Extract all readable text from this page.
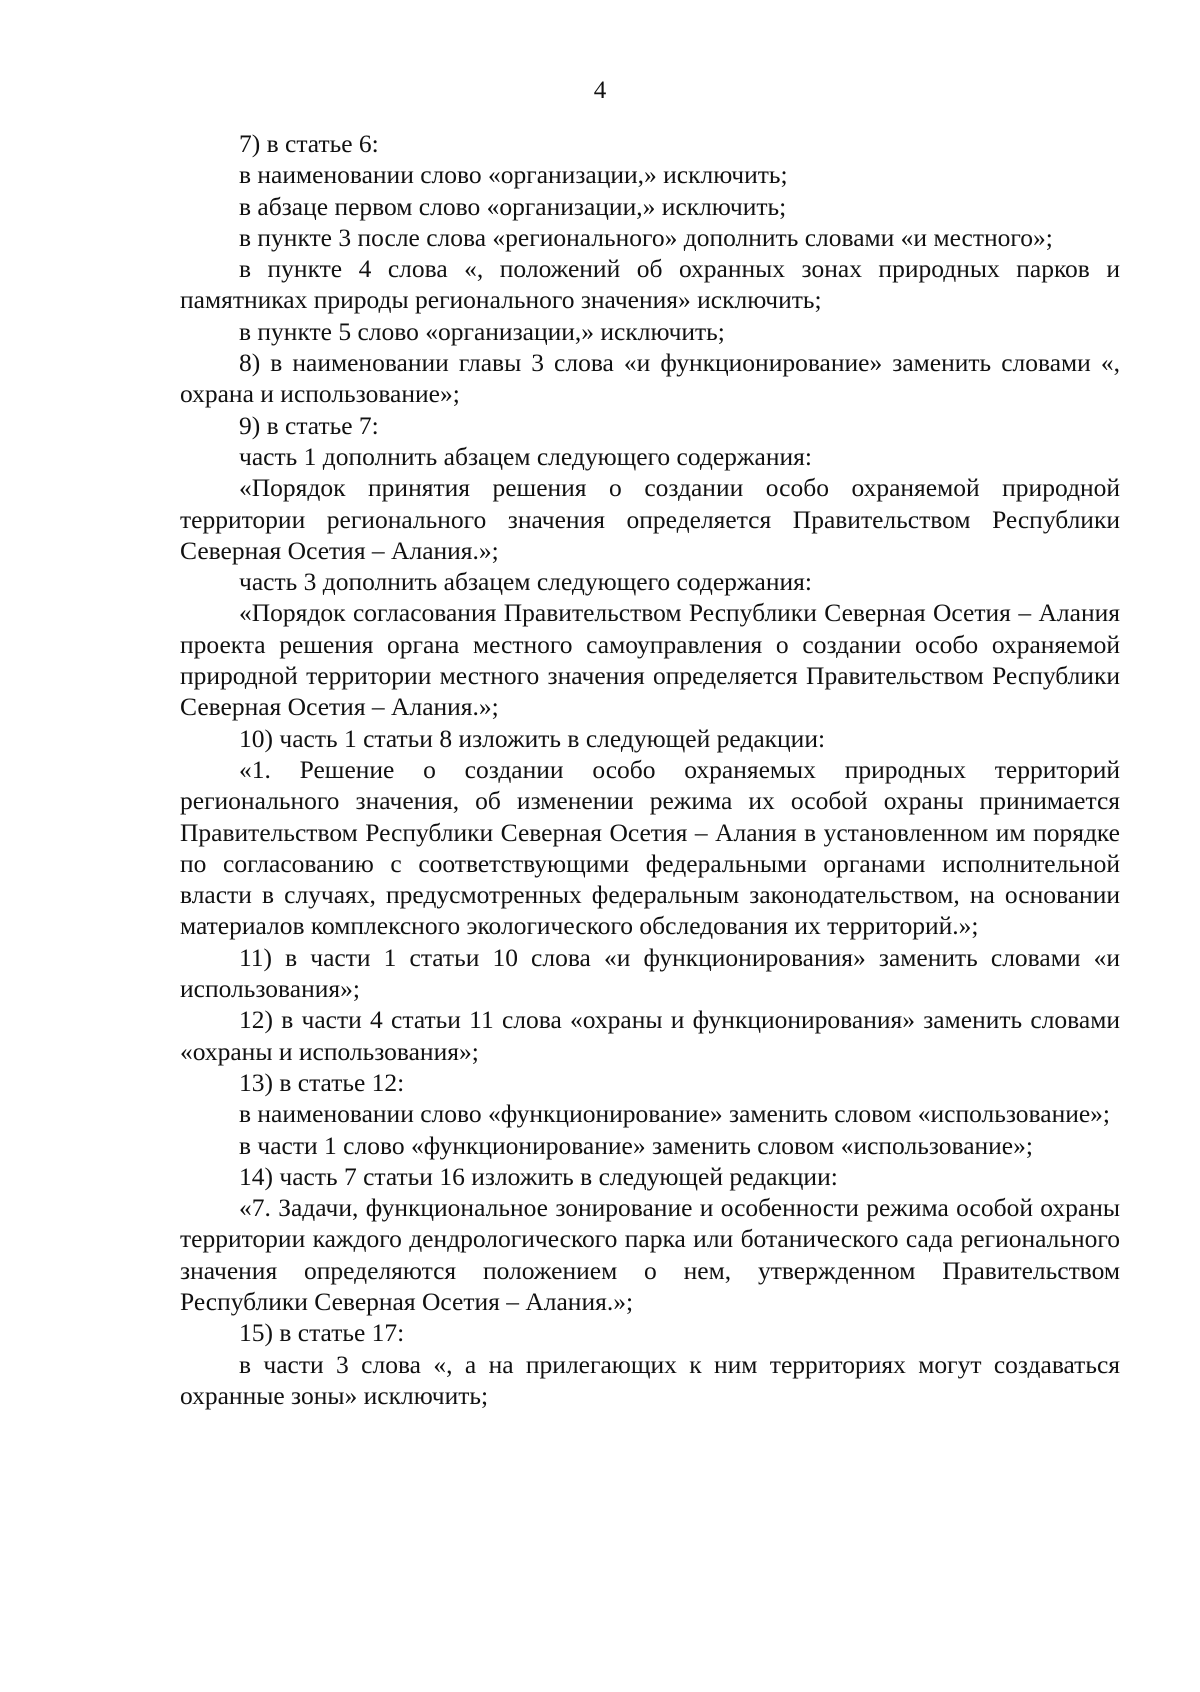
4

7) в статье 6:

в наименовании слово «организации,» исключить;

в абзаце первом слово «организации,» исключить;

в пункте 3 после слова «регионального» дополнить словами «и местного»;

в пункте 4 слова «, положений об охранных зонах природных парков и памятниках природы регионального значения» исключить;

в пункте 5 слово «организации,» исключить;

8) в наименовании главы 3 слова «и функционирование» заменить словами «, охрана и использование»;

9) в статье 7:

часть 1 дополнить абзацем следующего содержания:

«Порядок принятия решения о создании особо охраняемой природной территории регионального значения определяется Правительством Республики Северная Осетия – Алания.»;

часть 3 дополнить абзацем следующего содержания:

«Порядок согласования Правительством Республики Северная Осетия – Алания проекта решения органа местного самоуправления о создании особо охраняемой природной территории местного значения определяется Правительством Республики Северная Осетия – Алания.»;

10) часть 1 статьи 8 изложить в следующей редакции:

«1. Решение о создании особо охраняемых природных территорий регионального значения, об изменении режима их особой охраны принимается Правительством Республики Северная Осетия – Алания в установленном им порядке по согласованию с соответствующими федеральными органами исполнительной власти в случаях, предусмотренных федеральным законодательством, на основании материалов комплексного экологического обследования их территорий.»;

11) в части 1 статьи 10 слова «и функционирования» заменить словами «и использования»;

12) в части 4 статьи 11 слова «охраны и функционирования» заменить словами «охраны и использования»;

13) в статье 12:

в наименовании слово «функционирование» заменить словом «использование»;

в части 1 слово «функционирование» заменить словом «использование»;

14) часть 7 статьи 16 изложить в следующей редакции:

«7. Задачи, функциональное зонирование и особенности режима особой охраны территории каждого дендрологического парка или ботанического сада регионального значения определяются положением о нем, утвержденном Правительством Республики Северная Осетия – Алания.»;

15) в статье 17:

в части 3 слова «, а на прилегающих к ним территориях могут создаваться охранные зоны» исключить;
